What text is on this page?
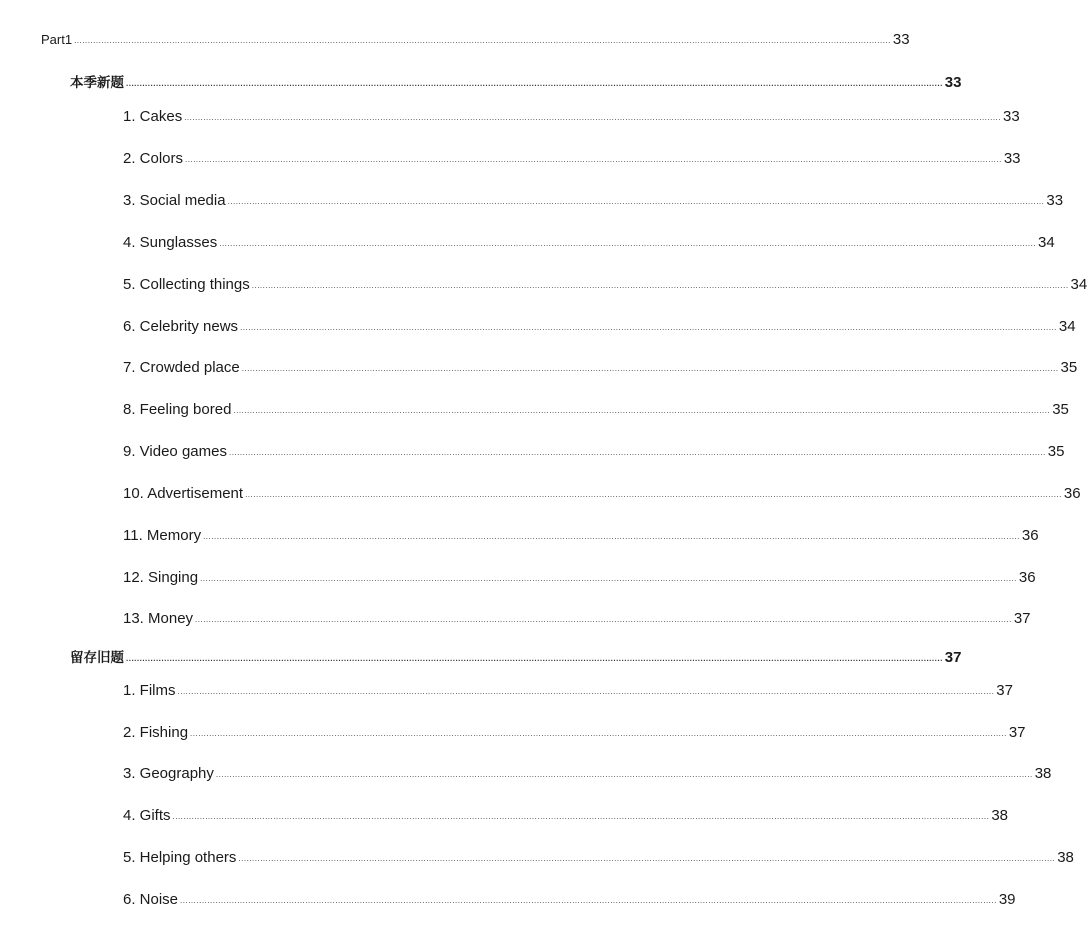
Part1 ............................................................................................................................................................................................................................................................................................................ 33
本季新题 ............................................................................................................................................................................................................................................................................................................ 33
1. Cakes ............................................................................................................................................................................................................................................................................................................ 33
2. Colors ............................................................................................................................................................................................................................................................................................................ 33
3. Social media ............................................................................................................................................................................................................................................................................................................ 33
4. Sunglasses ............................................................................................................................................................................................................................................................................................................ 34
5. Collecting things ............................................................................................................................................................................................................................................................................................................ 34
6. Celebrity news ............................................................................................................................................................................................................................................................................................................ 34
7. Crowded place ............................................................................................................................................................................................................................................................................................................ 35
8. Feeling bored ............................................................................................................................................................................................................................................................................................................ 35
9. Video games ............................................................................................................................................................................................................................................................................................................ 35
10. Advertisement ............................................................................................................................................................................................................................................................................................................ 36
11. Memory ............................................................................................................................................................................................................................................................................................................ 36
12. Singing ............................................................................................................................................................................................................................................................................................................ 36
13. Money ............................................................................................................................................................................................................................................................................................................ 37
留存旧题 ............................................................................................................................................................................................................................................................................................................ 37
1. Films ............................................................................................................................................................................................................................................................................................................ 37
2. Fishing ............................................................................................................................................................................................................................................................................................................ 37
3. Geography ............................................................................................................................................................................................................................................................................................................ 38
4. Gifts ............................................................................................................................................................................................................................................................................................................ 38
5. Helping others ............................................................................................................................................................................................................................................................................................................ 38
6. Noise ............................................................................................................................................................................................................................................................................................................ 39
